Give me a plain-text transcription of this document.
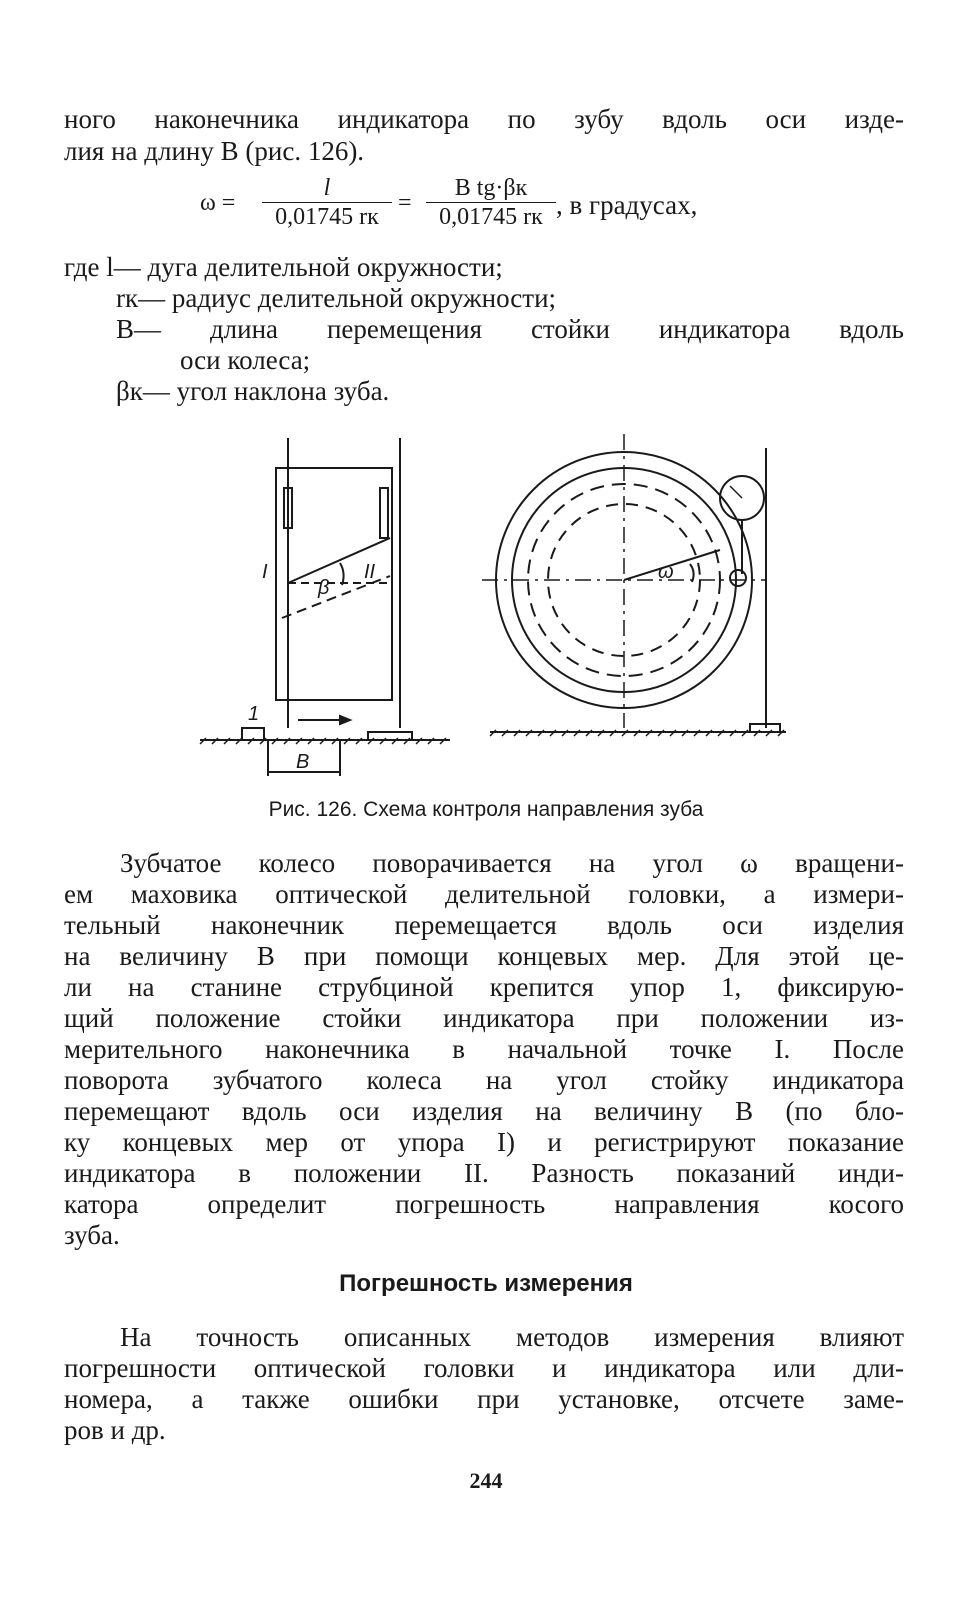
ного наконечника индикатора по зубу вдоль оси изде-
лия на длину B (рис. 126).
ω =
l
0,01745 rк
=
B tg·βк
0,01745 rк , в градусах,
где l — дуга делительной окружности;
rк — радиус делительной окружности;
B — длина перемещения стойки индикатора вдоль
оси колеса;
βк — угол наклона зуба.
I	II
β
1
B
ω
Рис. 126. Схема контроля направления зуба
Зубчатое колесо поворачивается на угол ω вращени-
ем маховика оптической делительной головки, а измери-
тельный наконечник перемещается вдоль оси изделия
на величину B при помощи концевых мер. Для этой це-
ли на станине струбциной крепится упор 1, фиксирую-
щий положение стойки индикатора при положении из-
мерительного наконечника в начальной точке I. После
поворота зубчатого колеса на угол стойку индикатора
перемещают вдоль оси изделия на величину B (по бло-
ку концевых мер от упора I) и регистрируют показание
индикатора в положении II. Разность показаний инди-
катора определит погрешность направления косого
зуба.
Погрешность измерения
На точность описанных методов измерения влияют
погрешности оптической головки и индикатора или дли-
номера, а также ошибки при установке, отсчете заме-
ров и др.
244
